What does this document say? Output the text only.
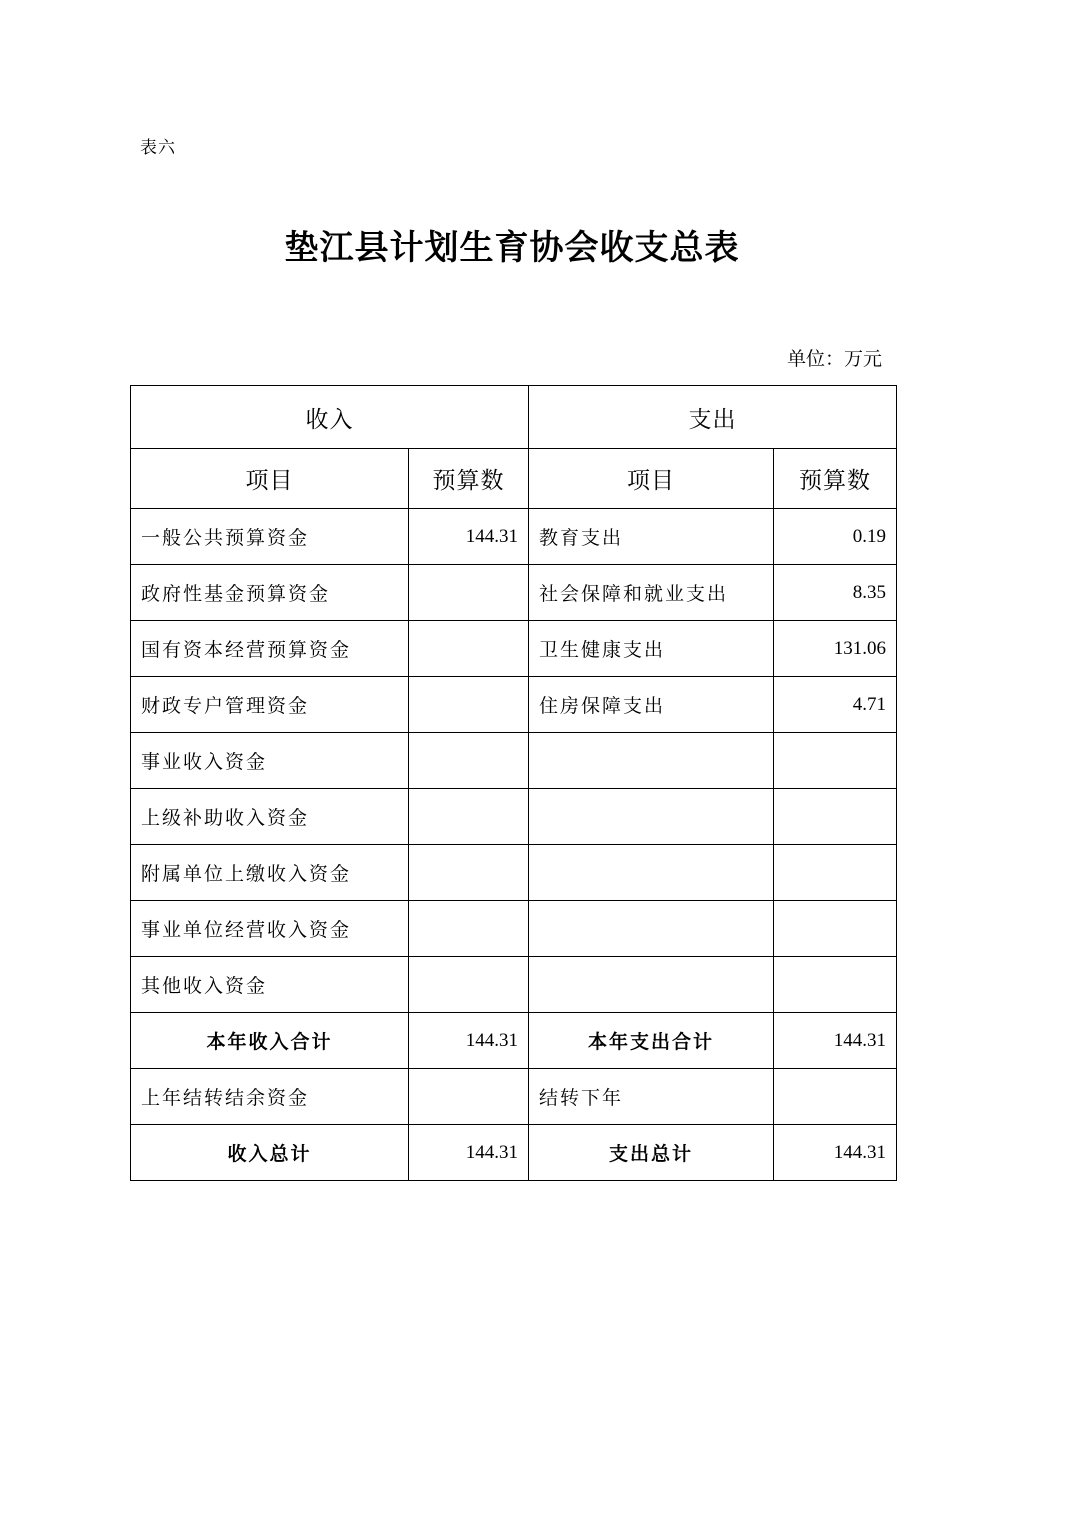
表六
垫江县计划生育协会收支总表
单位：万元
收入		支出	
项目	预算数	项目	预算数
一般公共预算资金	144.31	教育支出	0.19
政府性基金预算资金		社会保障和就业支出	8.35
国有资本经营预算资金		卫生健康支出	131.06
财政专户管理资金		住房保障支出	4.71
事业收入资金			
上级补助收入资金			
附属单位上缴收入资金			
事业单位经营收入资金			
其他收入资金			
本年收入合计	144.31	本年支出合计	144.31
上年结转结余资金		结转下年	
收入总计	144.31	支出总计	144.31
